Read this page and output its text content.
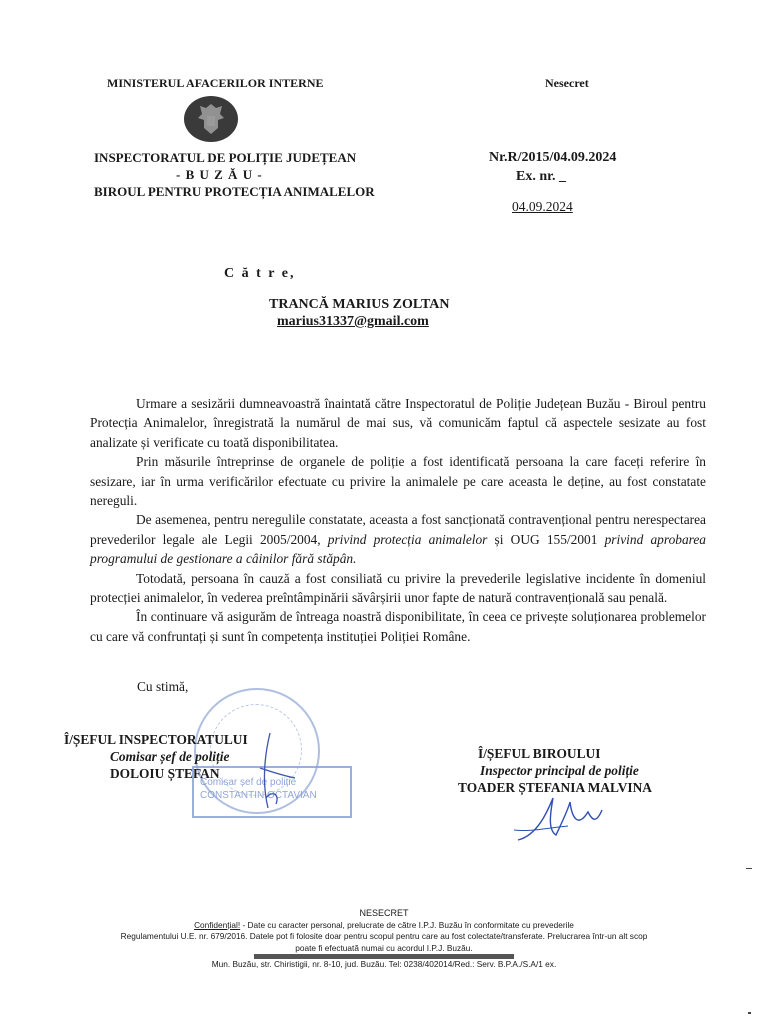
MINISTERUL AFACERILOR INTERNE	Nesecret
INSPECTORATUL DE POLIȚIE JUDEȚEAN
- B U Z Ă U -
BIROUL PENTRU PROTECȚIA ANIMALELOR
Nr.R/2015/04.09.2024
Ex. nr. _
04.09.2024
C ă t r e,
TRANCĂ MARIUS ZOLTAN
marius31337@gmail.com

Urmare a sesizării dumneavoastră înaintată către Inspectoratul de Poliție Județean Buzău - Biroul pentru Protecția Animalelor, înregistrată la numărul de mai sus, vă comunicăm faptul că aspectele sesizate au fost analizate și verificate cu toată disponibilitatea.

Prin măsurile întreprinse de organele de poliție a fost identificată persoana la care faceți referire în sesizare, iar în urma verificărilor efectuate cu privire la animalele pe care aceasta le deține, au fost constatate nereguli.

De asemenea, pentru neregulile constatate, aceasta a fost sancționată contravențional pentru nerespectarea prevederilor legale ale Legii 2005/2004, privind protecția animalelor și OUG 155/2001 privind aprobarea programului de gestionare a câinilor fără stăpân.

Totodată, persoana în cauză a fost consiliată cu privire la prevederile legislative incidente în domeniul protecției animalelor, în vederea preîntâmpinării săvârșirii unor fapte de natură contravențională sau penală.

În continuare vă asigurăm de întreaga noastră disponibilitate, în ceea ce privește soluționarea problemelor cu care vă confruntați și sunt în competența instituției Poliției Române.

Cu stimă,
Î/ȘEFUL INSPECTORATULUI
Comisar șef de poliție
DOLOIU ȘTEFAN
Comisar șef de poliție
CONSTANTIN OCTAVIAN
Î/ȘEFUL BIROULUI
Inspector principal de poliție
TOADER ȘTEFANIA MALVINA
NESECRET
Confidențial! - Date cu caracter personal, prelucrate de către I.P.J. Buzău în conformitate cu prevederile
Regulamentului U.E. nr. 679/2016. Datele pot fi folosite doar pentru scopul pentru care au fost colectate/transferate. Prelucrarea într-un alt scop
poate fi efectuată numai cu acordul I.P.J. Buzău.
Mun. Buzău, str. Chiristigii, nr. 8-10, jud. Buzău. Tel: 0238/402014/Red.: Serv. B.P.A./S.A/1 ex.
